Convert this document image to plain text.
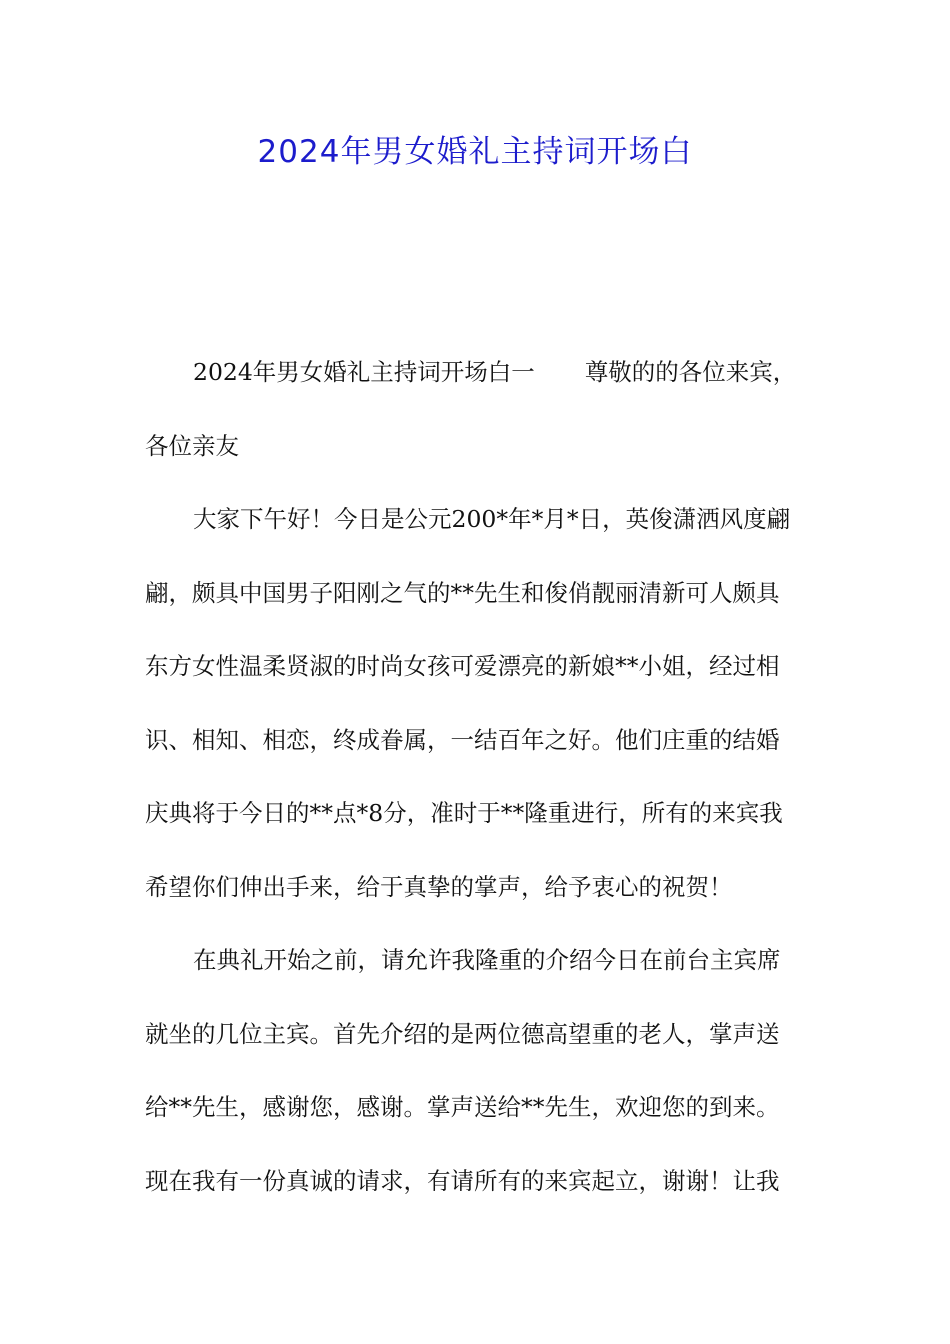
2024年男女婚礼主持词开场白
2024年男女婚礼主持词开场白一 尊敬的的各位来宾，
各位亲友
大家下午好！今日是公元200*年*月*日，英俊潇洒风度翩
翩，颇具中国男子阳刚之气的**先生和俊俏靓丽清新可人颇具
东方女性温柔贤淑的时尚女孩可爱漂亮的新娘**小姐，经过相
识、相知、相恋，终成眷属，一结百年之好。他们庄重的结婚
庆典将于今日的**点*8分，准时于**隆重进行，所有的来宾我
希望你们伸出手来，给于真挚的掌声，给予衷心的祝贺！
在典礼开始之前，请允许我隆重的介绍今日在前台主宾席
就坐的几位主宾。首先介绍的是两位德高望重的老人，掌声送
给**先生，感谢您，感谢。掌声送给**先生，欢迎您的到来。
现在我有一份真诚的请求，有请所有的来宾起立，谢谢！让我
